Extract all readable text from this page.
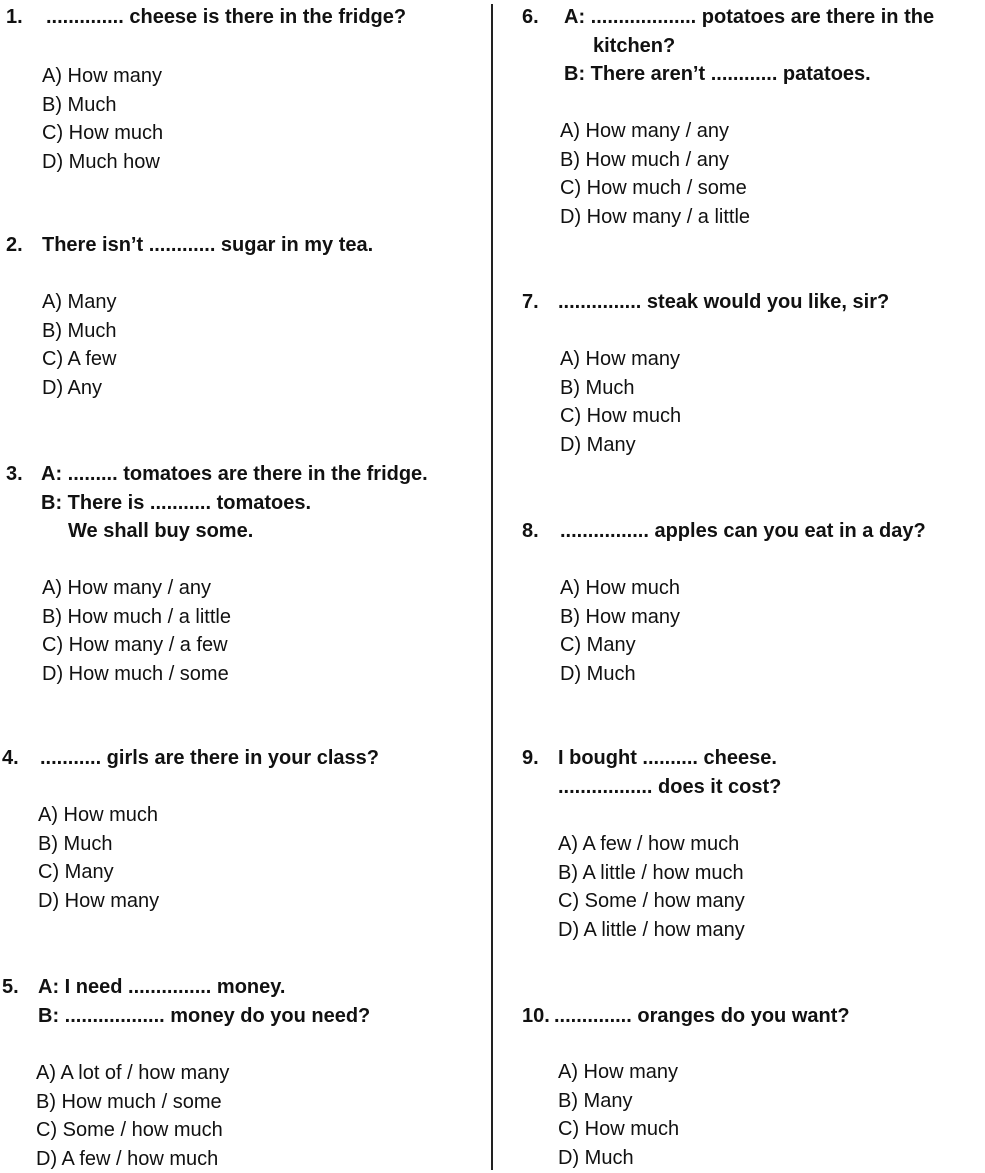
1. .............. cheese is there in the fridge?
A) How many
B) Much
C) How much
D) Much how
2. There isn’t ............ sugar in my tea.
A) Many
B) Much
C) A few
D) Any
3. A: ......... tomatoes are there in the fridge.
B: There is ........... tomatoes.
We shall buy some.
A) How many / any
B) How much / a little
C) How many / a few
D) How much / some
4. ........... girls are there in your class?
A) How much
B) Much
C) Many
D) How many
5. A: I need ............... money.
B: .................. money do you need?
A) A lot of / how many
B) How much / some
C) Some / how much
D) A few / how much
6. A: ................... potatoes are there in the
kitchen?
B: There aren’t ............ patatoes.
A) How many / any
B) How much / any
C) How much / some
D) How many / a little
7. ............... steak would you like, sir?
A) How many
B) Much
C) How much
D) Many
8. ................ apples can you eat in a day?
A) How much
B) How many
C) Many
D) Much
9. I bought .......... cheese.
................. does it cost?
A) A few / how much
B) A little / how much
C) Some / how many
D) A little / how many
10. .............. oranges do you want?
A) How many
B) Many
C) How much
D) Much
